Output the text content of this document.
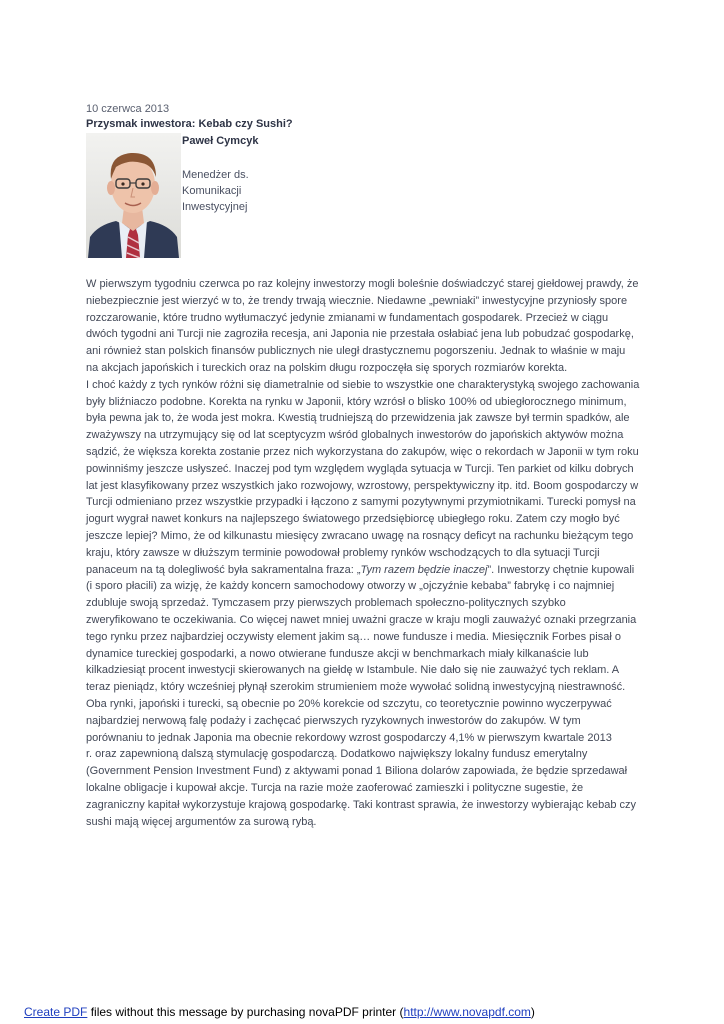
10 czerwca 2013
Przysmak inwestora: Kebab czy Sushi?
Paweł Cymcyk
Menedżer ds.
Komunikacji
Inwestycyjnej
W pierwszym tygodniu czerwca po raz kolejny inwestorzy mogli boleśnie doświadczyć starej giełdowej prawdy, że
niebezpiecznie jest wierzyć w to, że trendy trwają wiecznie. Niedawne „pewniaki” inwestycyjne przyniosły spore
rozczarowanie, które trudno wytłumaczyć jedynie zmianami w fundamentach gospodarek. Przecież w ciągu
dwóch tygodni ani Turcji nie zagroziła recesja, ani Japonia nie przestała osłabiać jena lub pobudzać gospodarkę,
ani również stan polskich finansów publicznych nie uległ drastycznemu pogorszeniu. Jednak to właśnie w maju
na akcjach japońskich i tureckich oraz na polskim długu rozpoczęła się sporych rozmiarów korekta.
I choć każdy z tych rynków różni się diametralnie od siebie to wszystkie one charakterystyką swojego zachowania
były bliźniaczo podobne. Korekta na rynku w Japonii, który wzrósł o blisko 100% od ubiegłorocznego minimum,
była pewna jak to, że woda jest mokra. Kwestią trudniejszą do przewidzenia jak zawsze był termin spadków, ale
zważywszy na utrzymujący się od lat sceptycyzm wśród globalnych inwestorów do japońskich aktywów można
sądzić, że większa korekta zostanie przez nich wykorzystana do zakupów, więc o rekordach w Japonii w tym roku
powinniśmy jeszcze usłyszeć. Inaczej pod tym względem wygląda sytuacja w Turcji. Ten parkiet od kilku dobrych
lat jest klasyfikowany przez wszystkich jako rozwojowy, wzrostowy, perspektywiczny itp. itd. Boom gospodarczy w
Turcji odmieniano przez wszystkie przypadki i łączono z samymi pozytywnymi przymiotnikami. Turecki pomysł na
jogurt wygrał nawet konkurs na najlepszego światowego przedsiębiorcę ubiegłego roku. Zatem czy mogło być
jeszcze lepiej? Mimo, że od kilkunastu miesięcy zwracano uwagę na rosnący deficyt na rachunku bieżącym tego
kraju, który zawsze w dłuższym terminie powodował problemy rynków wschodzących to dla sytuacji Turcji
panaceum na tą dolegliwość była sakramentalna fraza: „Tym razem będzie inaczej”. Inwestorzy chętnie kupowali
(i sporo płacili) za wizję, że każdy koncern samochodowy otworzy w „ojczyźnie kebaba” fabrykę i co najmniej
zdubluje swoją sprzedaż. Tymczasem przy pierwszych problemach społeczno-politycznych szybko
zweryfikowano te oczekiwania. Co więcej nawet mniej uważni gracze w kraju mogli zauważyć oznaki przegrzania
tego rynku przez najbardziej oczywisty element jakim są… nowe fundusze i media. Miesięcznik Forbes pisał o
dynamice tureckiej gospodarki, a nowo otwierane fundusze akcji w benchmarkach miały kilkanaście lub
kilkadziesiąt procent inwestycji skierowanych na giełdę w Istambule. Nie dało się nie zauważyć tych reklam. A
teraz pieniądz, który wcześniej płynął szerokim strumieniem może wywołać solidną inwestycyjną niestrawność.
Oba rynki, japoński i turecki, są obecnie po 20% korekcie od szczytu, co teoretycznie powinno wyczerpywać
najbardziej nerwową falę podaży i zachęcać pierwszych ryzykownych inwestorów do zakupów. W tym
porównaniu to jednak Japonia ma obecnie rekordowy wzrost gospodarczy 4,1% w pierwszym kwartale 2013
r. oraz zapewnioną dalszą stymulację gospodarczą. Dodatkowo największy lokalny fundusz emerytalny
(Government Pension Investment Fund) z aktywami ponad 1 Biliona dolarów zapowiada, że będzie sprzedawał
lokalne obligacje i kupował akcje. Turcja na razie może zaoferować zamieszki i polityczne sugestie, że
zagraniczny kapitał wykorzystuje krajową gospodarkę. Taki kontrast sprawia, że inwestorzy wybierając kebab czy
sushi mają więcej argumentów za surową rybą.
Create PDF files without this message by purchasing novaPDF printer (http://www.novapdf.com)
